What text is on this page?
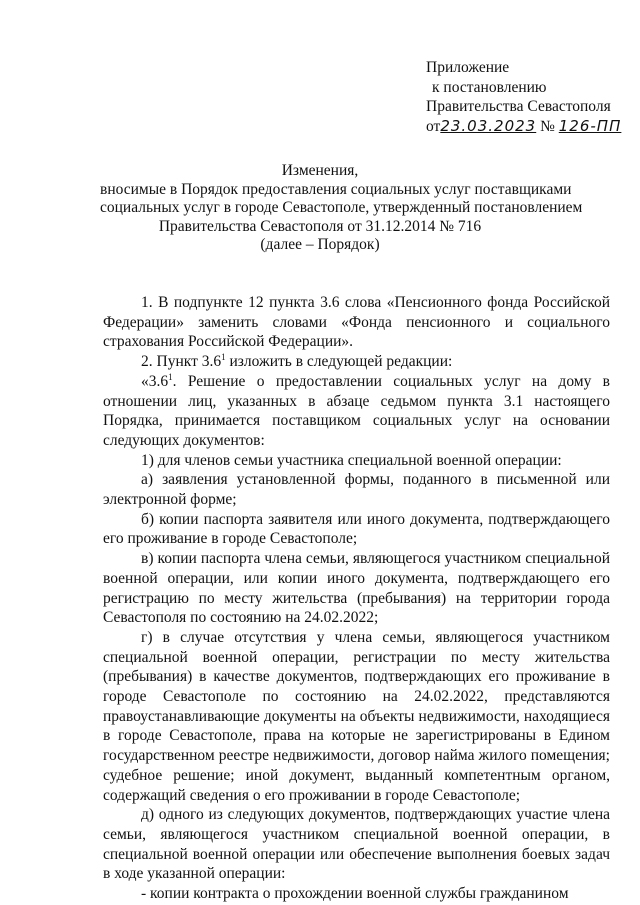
Приложение
к постановлению
Правительства Севастополя
от23.03.2023 № 126-ПП
Изменения,
вносимые в Порядок предоставления социальных услуг поставщиками
социальных услуг в городе Севастополе, утвержденный постановлением
Правительства Севастополя от 31.12.2014 № 716
(далее – Порядок)

1. В подпункте 12 пункта 3.6 слова «Пенсионного фонда Российской Федерации» заменить словами «Фонда пенсионного и социального страхования Российской Федерации».

2. Пункт $3.6^1$ изложить в следующей редакции:

«$3.6^1$. Решение о предоставлении социальных услуг на дому в отношении лиц, указанных в абзаце седьмом пункта 3.1 настоящего Порядка, принимается поставщиком социальных услуг на основании следующих документов:

1) для членов семьи участника специальной военной операции:

а) заявления установленной формы, поданного в письменной или электронной форме;

б) копии паспорта заявителя или иного документа, подтверждающего его проживание в городе Севастополе;

в) копии паспорта члена семьи, являющегося участником специальной военной операции, или копии иного документа, подтверждающего его регистрацию по месту жительства (пребывания) на территории города Севастополя по состоянию на 24.02.2022;

г) в случае отсутствия у члена семьи, являющегося участником специальной военной операции, регистрации по месту жительства (пребывания) в качестве документов, подтверждающих его проживание в городе Севастополе по состоянию на 24.02.2022, представляются правоустанавливающие документы на объекты недвижимости, находящиеся в городе Севастополе, права на которые не зарегистрированы в Едином государственном реестре недвижимости, договор найма жилого помещения; судебное решение; иной документ, выданный компетентным органом, содержащий сведения о его проживании в городе Севастополе;

д) одного из следующих документов, подтверждающих участие члена семьи, являющегося участником специальной военной операции, в специальной военной операции или обеспечение выполнения боевых задач в ходе указанной операции:

- копии контракта о прохождении военной службы гражданином
